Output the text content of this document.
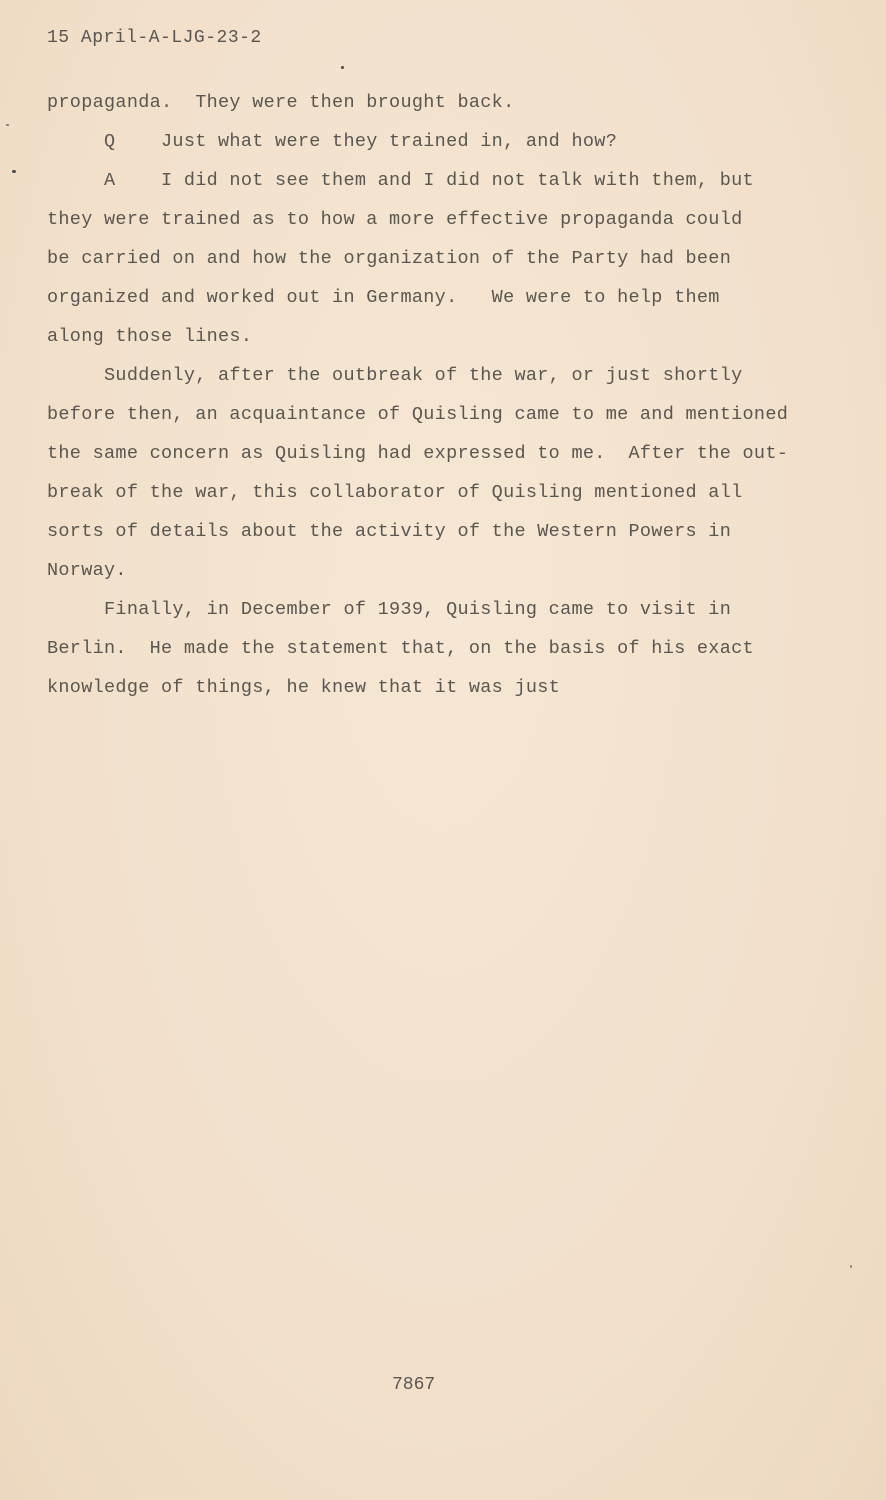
15 April-A-LJG-23-2
propaganda.  They were then brought back.
Q    Just what were they trained in, and how?
A    I did not see them and I did not talk with them, but
they were trained as to how a more effective propaganda could
be carried on and how the organization of the Party had been
organized and worked out in Germany.   We were to help them
along those lines.
Suddenly, after the outbreak of the war, or just shortly
before then, an acquaintance of Quisling came to me and mentioned
the same concern as Quisling had expressed to me.  After the out-
break of the war, this collaborator of Quisling mentioned all
sorts of details about the activity of the Western Powers in
Norway.
Finally, in December of 1939, Quisling came to visit in
Berlin.  He made the statement that, on the basis of his exact
knowledge of things, he knew that it was just
7867
